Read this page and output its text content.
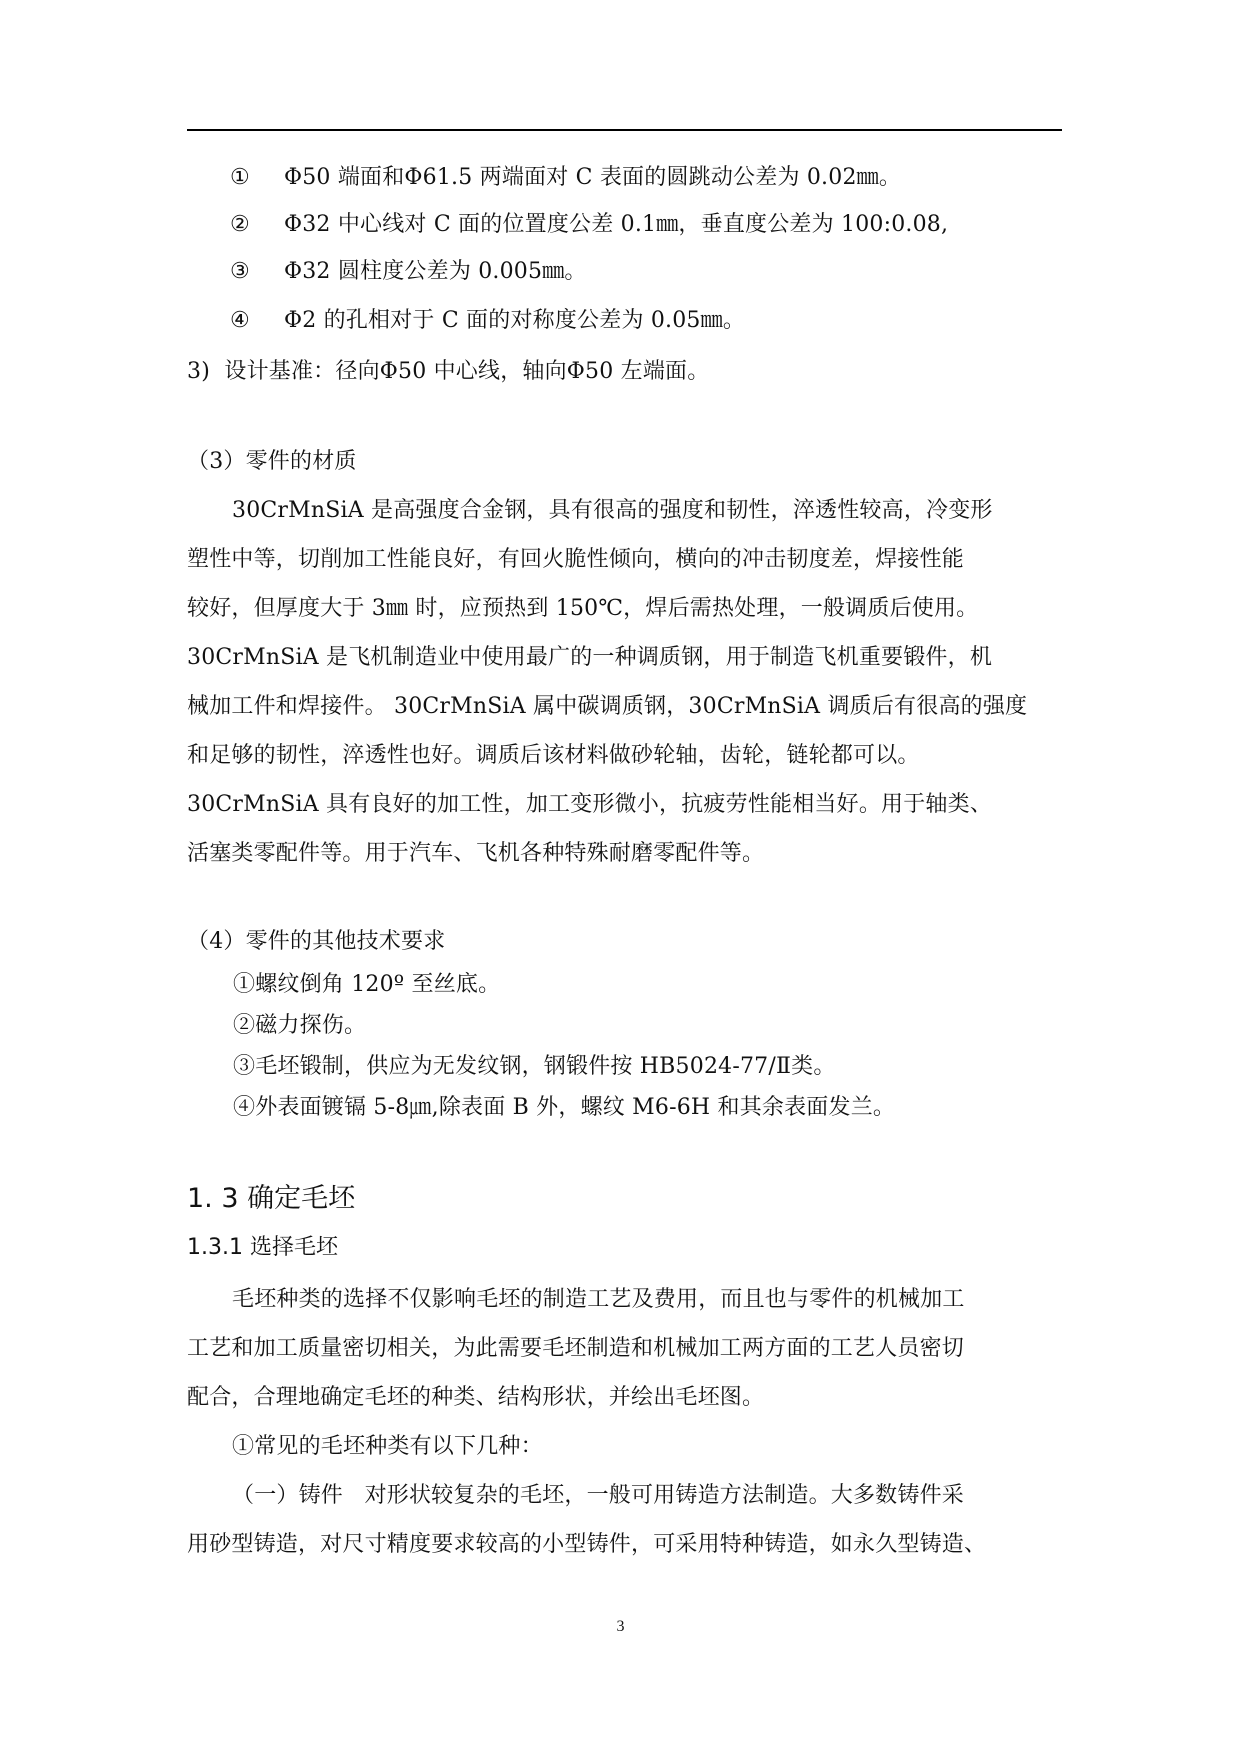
① Φ50 端面和Φ61.5 两端面对 C 表面的圆跳动公差为 0.02㎜。
② Φ32 中心线对 C 面的位置度公差 0.1㎜，垂直度公差为 100:0.08,
③ Φ32 圆柱度公差为 0.005㎜。
④ Φ2 的孔相对于 C 面的对称度公差为 0.05㎜。
3)  设计基准：径向Φ50 中心线，轴向Φ50 左端面。
（3）零件的材质
30CrMnSiA 是高强度合金钢，具有很高的强度和韧性，淬透性较高，冷变形
塑性中等，切削加工性能良好，有回火脆性倾向，横向的冲击韧度差，焊接性能
较好，但厚度大于 3㎜ 时，应预热到 150℃，焊后需热处理，一般调质后使用。
30CrMnSiA 是飞机制造业中使用最广的一种调质钢，用于制造飞机重要锻件，机
械加工件和焊接件。 30CrMnSiA 属中碳调质钢，30CrMnSiA 调质后有很高的强度
和足够的韧性，淬透性也好。调质后该材料做砂轮轴，齿轮，链轮都可以。
30CrMnSiA 具有良好的加工性，加工变形微小，抗疲劳性能相当好。用于轴类、
活塞类零配件等。用于汽车、飞机各种特殊耐磨零配件等。
（4）零件的其他技术要求
①螺纹倒角 120º 至丝底。
②磁力探伤。
③毛坯锻制，供应为无发纹钢，钢锻件按 HB5024-77/Ⅱ类。
④外表面镀镉 5-8㎛,除表面 B 外，螺纹 M6-6H 和其余表面发兰。
1. 3 确定毛坯
1.3.1 选择毛坯
毛坯种类的选择不仅影响毛坯的制造工艺及费用，而且也与零件的机械加工
工艺和加工质量密切相关，为此需要毛坯制造和机械加工两方面的工艺人员密切
配合，合理地确定毛坯的种类、结构形状，并绘出毛坯图。
①常见的毛坯种类有以下几种：
（一）铸件   对形状较复杂的毛坯，一般可用铸造方法制造。大多数铸件采
用砂型铸造，对尺寸精度要求较高的小型铸件，可采用特种铸造，如永久型铸造、
3
